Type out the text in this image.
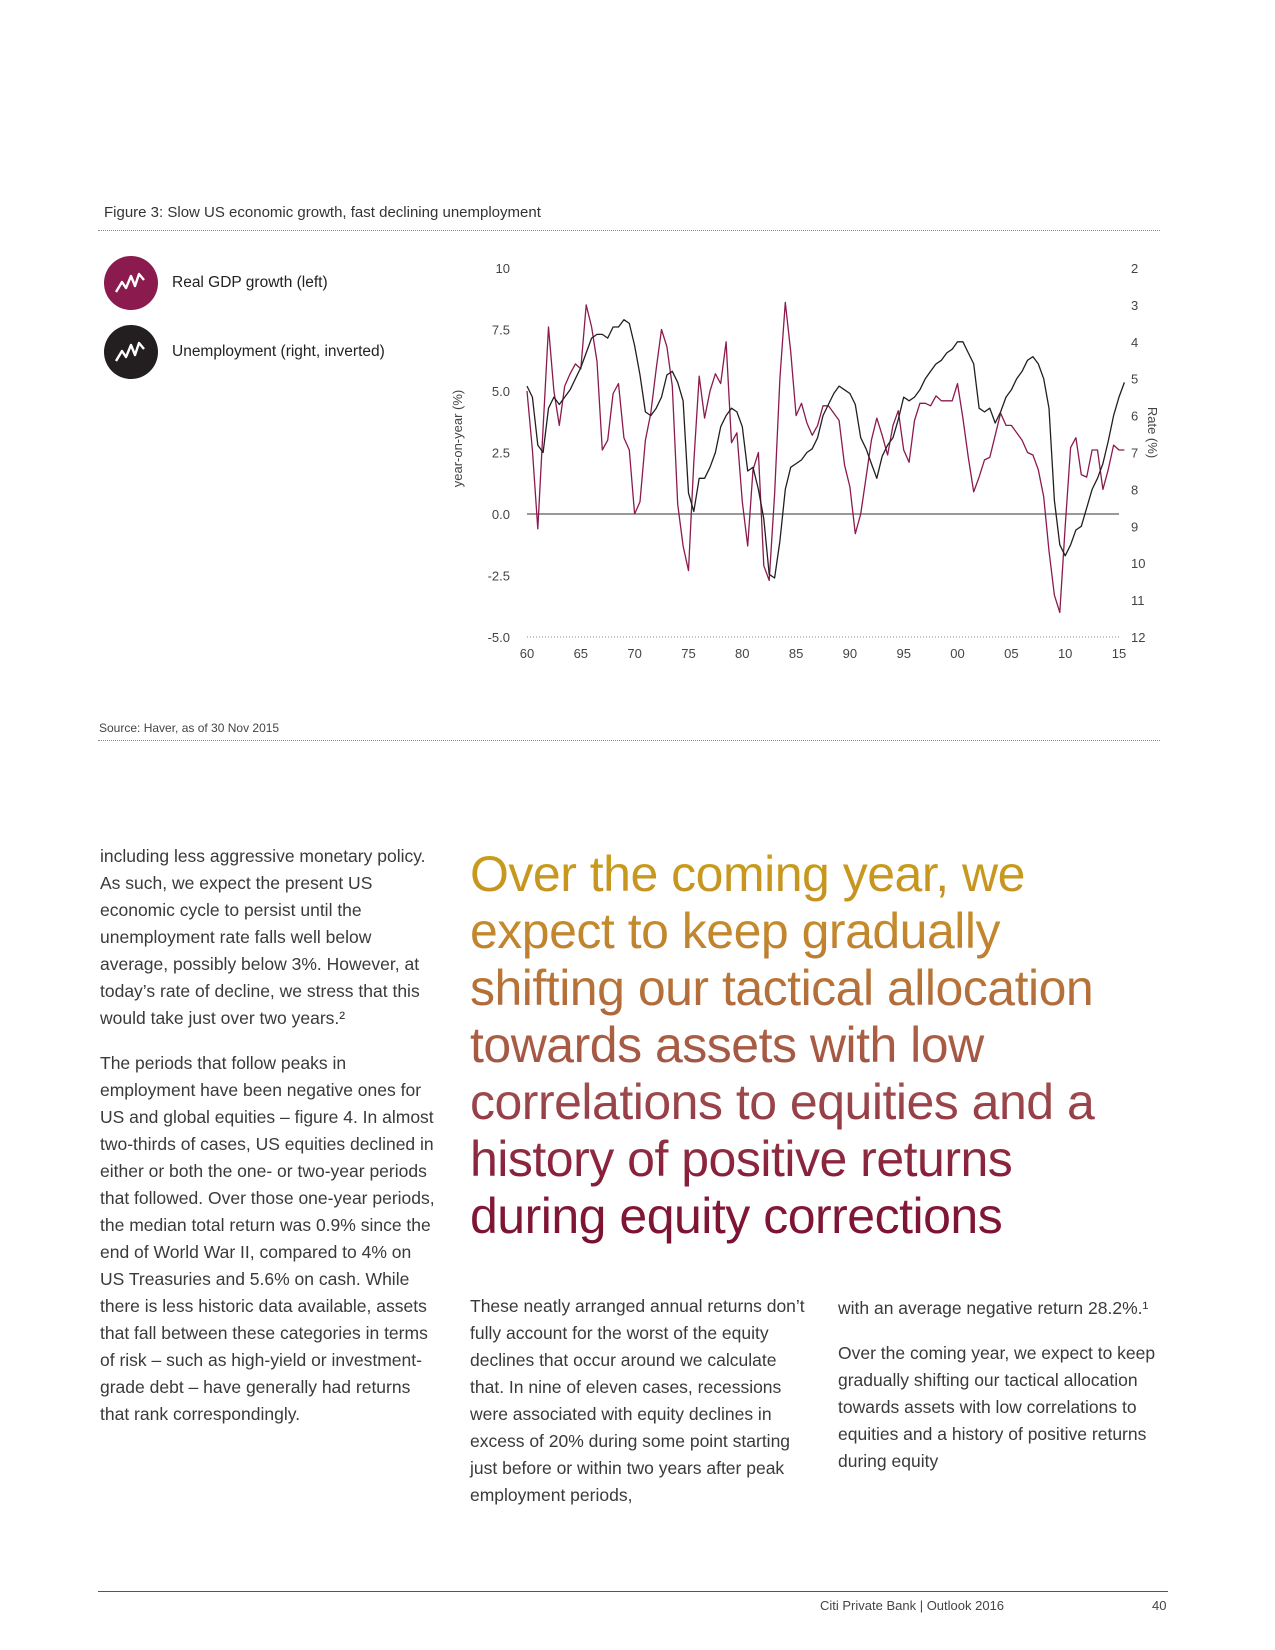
Figure 3: Slow US economic growth, fast declining unemployment
Real GDP growth (left)
Unemployment (right, inverted)
10
7.5
5.0
2.5
0.0
-2.5
-5.0
2
3
4
5
6
7
8
9
10
11
12
60	65	70	75	80	85	90	95	00	05	10	15
year-on-year (%)	Rate (%)
Source: Haver, as of 30 Nov 2015

including less aggressive monetary policy. As such, we expect the present US economic cycle to persist until the unemployment rate falls well below average, possibly below 3%. However, at today’s rate of decline, we stress that this would take just over two years.²

The periods that follow peaks in employment have been negative ones for US and global equities – figure 4. In almost two-thirds of cases, US equities declined in either or both the one- or two-year periods that followed. Over those one-year periods, the median total return was 0.9% since the end of World War II, compared to 4% on US Treasuries and 5.6% on cash. While there is less historic data available, assets that fall between these categories in terms of risk – such as high-yield or investment-grade debt – have generally had returns that rank correspondingly.

Over the coming year, we expect to keep gradually shifting our tactical allocation towards assets with low correlations to equities and a history of positive returns during equity corrections

These neatly arranged annual returns don’t fully account for the worst of the equity declines that occur around we calculate that. In nine of eleven cases, recessions were associated with equity declines in excess of 20% during some point starting just before or within two years after peak employment periods,

with an average negative return 28.2%.¹

Over the coming year, we expect to keep gradually shifting our tactical allocation towards assets with low correlations to equities and a history of positive returns during equity

Citi Private Bank | Outlook 2016	40
